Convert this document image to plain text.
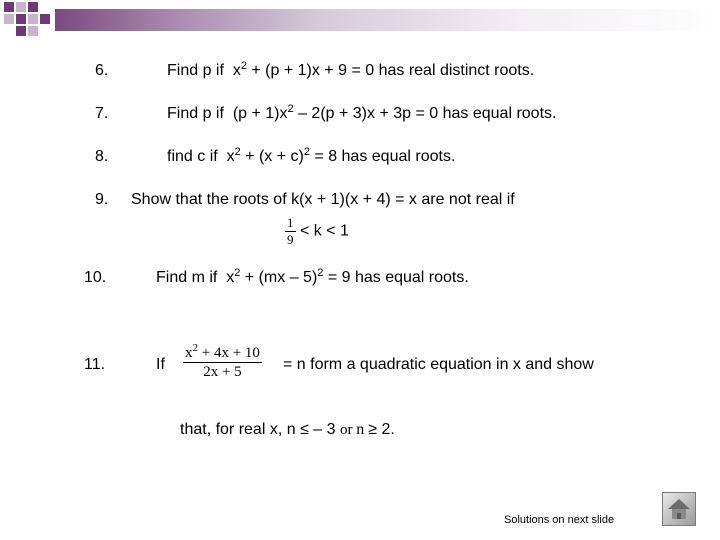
6.	Find p if $x^2 + (p + 1)x + 9 = 0$ has real distinct roots.
7.	Find p if $(p + 1)x^2 - 2(p + 3)x + 3p = 0$ has equal roots.
8.	find c if $x^2 + (x + c)^2 = 8$ has equal roots.
9. Show that the roots of k(x + 1)(x + 4) = x are not real if
$\frac{1}{9} < k < 1$
10.	Find m if $x^2 + (mx - 5)^2 = 9$ has equal roots.
11.	If $\frac{x^2 + 4x + 10}{2x + 5} = n$ form a quadratic equation in x and show
that, for real x, n ≤ – 3 or n ≥ 2.
Solutions on next slide
